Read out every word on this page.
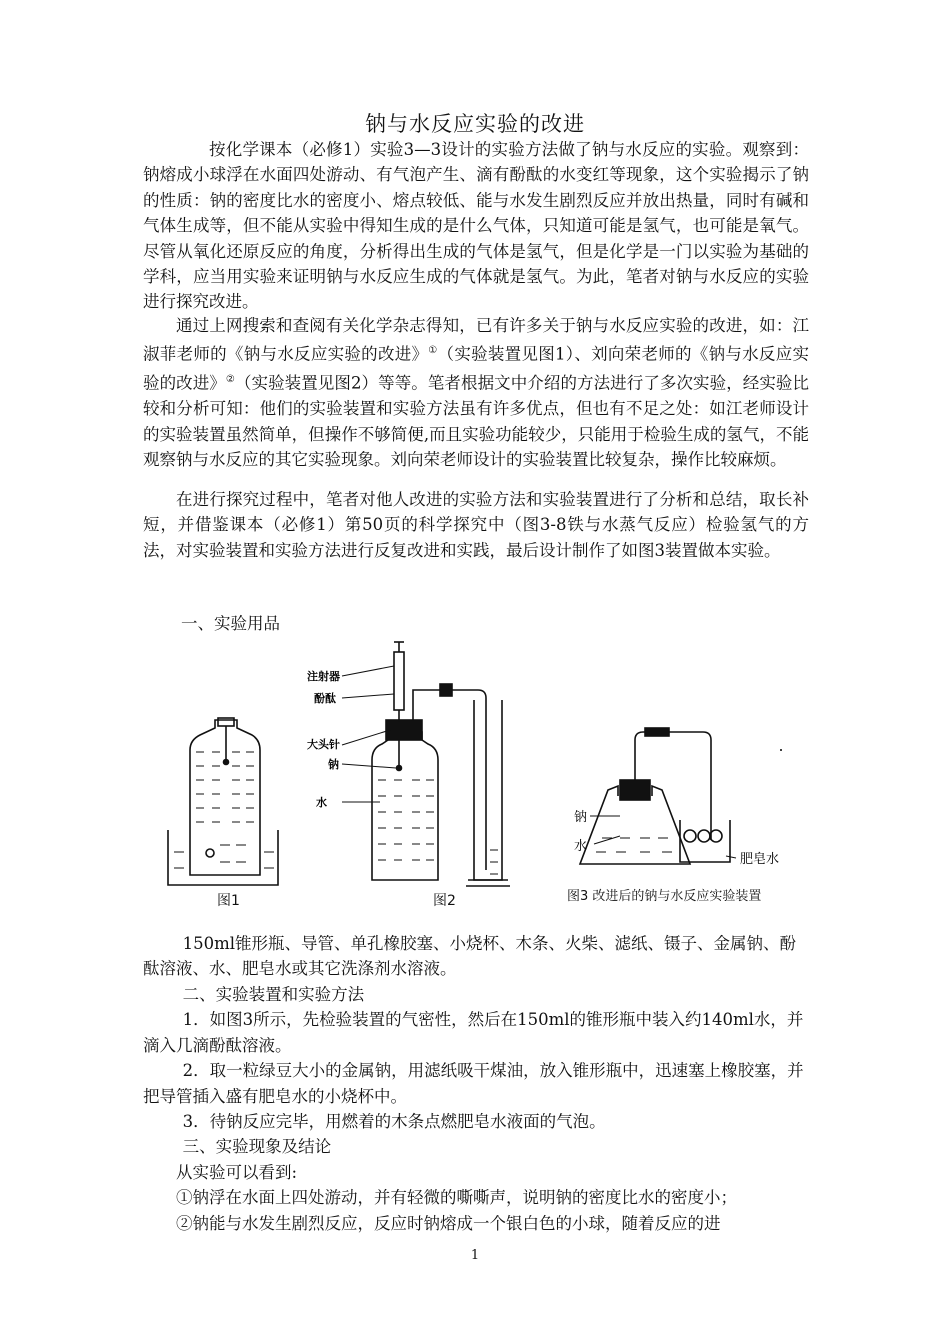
钠与水反应实验的改进

按化学课本（必修1）实验3—3设计的实验方法做了钠与水反应的实验。观察到：钠熔成小球浮在水面四处游动、有气泡产生、滴有酚酞的水变红等现象，这个实验揭示了钠的性质：钠的密度比水的密度小、熔点较低、能与水发生剧烈反应并放出热量，同时有碱和气体生成等，但不能从实验中得知生成的是什么气体，只知道可能是氢气，也可能是氧气。尽管从氧化还原反应的角度，分析得出生成的气体是氢气，但是化学是一门以实验为基础的学科，应当用实验来证明钠与水反应生成的气体就是氢气。为此，笔者对钠与水反应的实验进行探究改进。

通过上网搜索和查阅有关化学杂志得知，已有许多关于钠与水反应实验的改进，如：江淑菲老师的《钠与水反应实验的改进》①（实验装置见图1）、刘向荣老师的《钠与水反应实验的改进》②（实验装置见图2）等等。笔者根据文中介绍的方法进行了多次实验，经实验比较和分析可知：他们的实验装置和实验方法虽有许多优点，但也有不足之处：如江老师设计的实验装置虽然简单，但操作不够简便,而且实验功能较少，只能用于检验生成的氢气，不能观察钠与水反应的其它实验现象。刘向荣老师设计的实验装置比较复杂，操作比较麻烦。

在进行探究过程中，笔者对他人改进的实验方法和实验装置进行了分析和总结，取长补短，并借鉴课本（必修1）第50页的科学探究中（图3-8铁与水蒸气反应）检验氢气的方法，对实验装置和实验方法进行反复改进和实践，最后设计制作了如图3装置做本实验。

一、实验用品
注射器
酚酞
大头针
钠
水
钠
水
肥皂水
图1	图2	图3 改进后的钠与水反应实验装置

150ml锥形瓶、导管、单孔橡胶塞、小烧杯、木条、火柴、滤纸、镊子、金属钠、酚酞溶液、水、肥皂水或其它洗涤剂水溶液。

二、实验装置和实验方法

1．如图3所示，先检验装置的气密性，然后在150ml的锥形瓶中装入约140ml水，并滴入几滴酚酞溶液。

2．取一粒绿豆大小的金属钠，用滤纸吸干煤油，放入锥形瓶中，迅速塞上橡胶塞，并把导管插入盛有肥皂水的小烧杯中。

3．待钠反应完毕，用燃着的木条点燃肥皂水液面的气泡。

三、实验现象及结论

从实验可以看到:

①钠浮在水面上四处游动，并有轻微的嘶嘶声，说明钠的密度比水的密度小；

②钠能与水发生剧烈反应，反应时钠熔成一个银白色的小球，随着反应的进

1
